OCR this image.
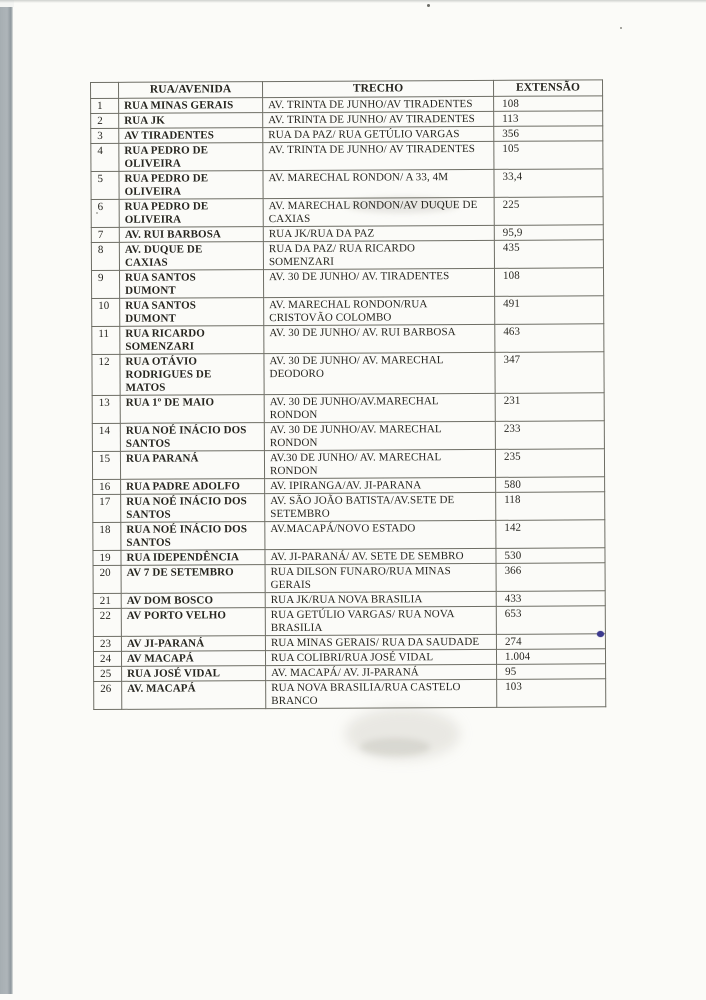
	RUA/AVENIDA	TRECHO	EXTENSÃO
1	RUA MINAS GERAIS	AV. TRINTA DE JUNHO/AV TIRADENTES	108
2	RUA JK	AV. TRINTA DE JUNHO/ AV TIRADENTES	113
3	AV TIRADENTES	RUA DA PAZ/ RUA GETÚLIO VARGAS	356
4	RUA PEDRO DE OLIVEIRA	AV. TRINTA DE JUNHO/ AV TIRADENTES	105
5	RUA PEDRO DE OLIVEIRA	AV. MARECHAL RONDON/ A 33, 4M	33,4
6	RUA PEDRO DE OLIVEIRA	AV. MARECHAL RONDON/AV DUQUE DE CAXIAS	225
7	AV. RUI BARBOSA	RUA JK/RUA DA PAZ	95,9
8	AV. DUQUE DE CAXIAS	RUA DA PAZ/ RUA RICARDO SOMENZARI	435
9	RUA SANTOS DUMONT	AV. 30 DE JUNHO/ AV. TIRADENTES	108
10	RUA SANTOS DUMONT	AV. MARECHAL RONDON/RUA CRISTOVÃO COLOMBO	491
11	RUA RICARDO SOMENZARI	AV. 30 DE JUNHO/ AV. RUI BARBOSA	463
12	RUA OTÁVIO RODRIGUES DE MATOS	AV. 30 DE JUNHO/ AV. MARECHAL DEODORO	347
13	RUA 1º DE MAIO	AV. 30 DE JUNHO/AV.MARECHAL RONDON	231
14	RUA NOÉ INÁCIO DOS SANTOS	AV. 30 DE JUNHO/AV. MARECHAL RONDON	233
15	RUA PARANÁ	AV.30 DE JUNHO/ AV. MARECHAL RONDON	235
16	RUA PADRE ADOLFO	AV. IPIRANGA/AV. JI-PARANA	580
17	RUA NOÉ INÁCIO DOS SANTOS	AV. SÃO JOÃO BATISTA/AV.SETE DE SETEMBRO	118
18	RUA NOÉ INÁCIO DOS SANTOS	AV.MACAPÁ/NOVO ESTADO	142
19	RUA IDEPENDÊNCIA	AV. JI-PARANÁ/ AV. SETE DE SEMBRO	530
20	AV 7 DE SETEMBRO	RUA DILSON FUNARO/RUA MINAS GERAIS	366
21	AV DOM BOSCO	RUA JK/RUA NOVA BRASILIA	433
22	AV PORTO VELHO	RUA GETÚLIO VARGAS/ RUA NOVA BRASILIA	653
23	AV JI-PARANÁ	RUA MINAS GERAIS/ RUA DA SAUDADE	274
24	AV MACAPÁ	RUA COLIBRI/RUA JOSÉ VIDAL	1.004
25	RUA JOSÉ VIDAL	AV. MACAPÁ/ AV. JI-PARANÁ	95
26	AV. MACAPÁ	RUA NOVA BRASILIA/RUA CASTELO BRANCO	103
